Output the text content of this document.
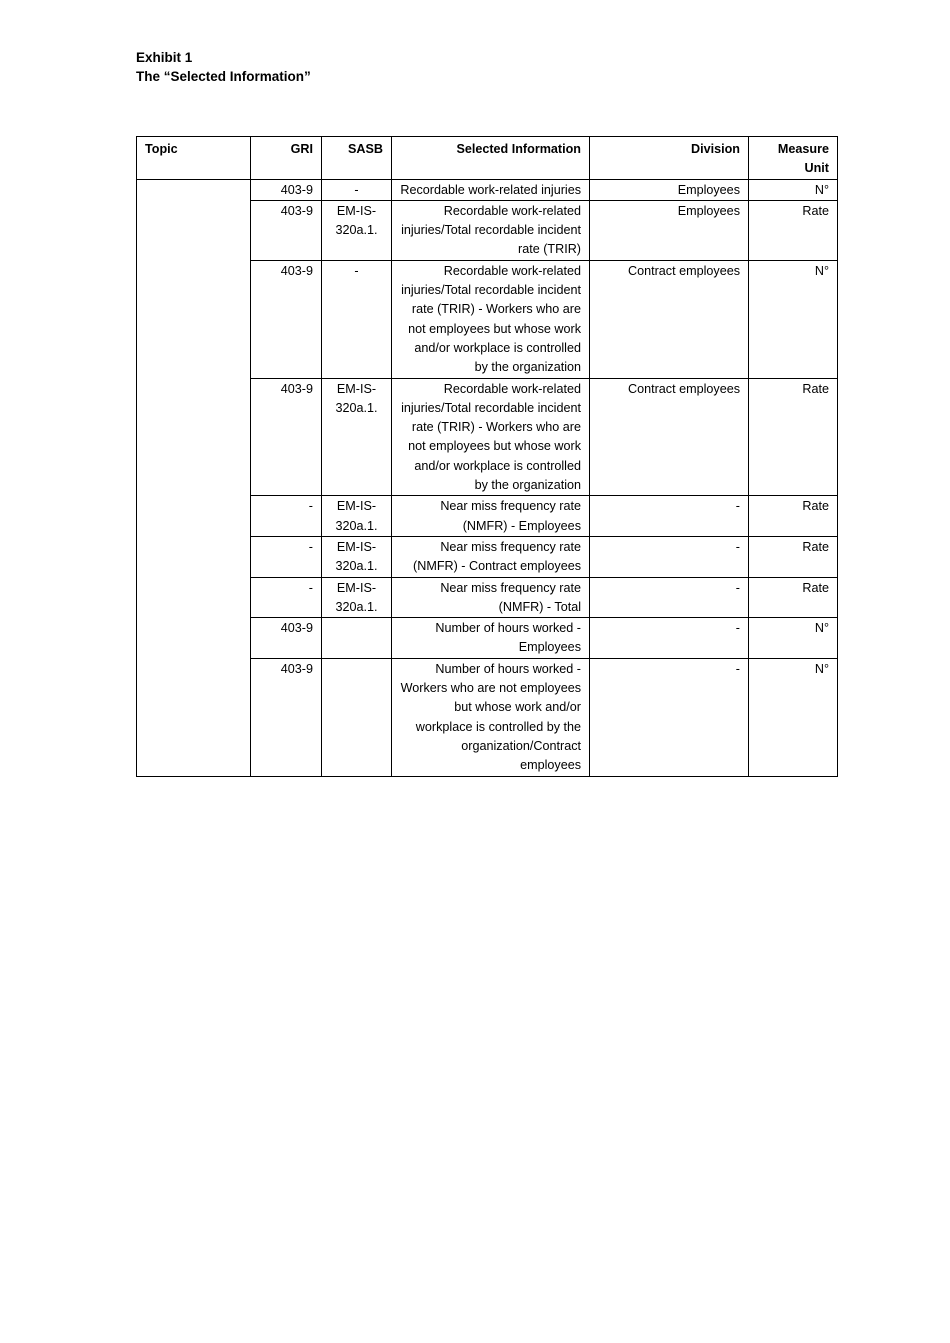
Exhibit 1
The “Selected Information”
Topic	GRI	SASB	Selected Information	Division	Measure Unit
	403-9	-	Recordable work-related injuries	Employees	N°
	403-9	EM-IS-320a.1.	Recordable work-related injuries/Total recordable incident rate (TRIR)	Employees	Rate
	403-9	-	Recordable work-related injuries/Total recordable incident rate (TRIR) - Workers who are not employees but whose work and/or workplace is controlled by the organization	Contract employees	N°
	403-9	EM-IS-320a.1.	Recordable work-related injuries/Total recordable incident rate (TRIR) - Workers who are not employees but whose work and/or workplace is controlled by the organization	Contract employees	Rate
	-	EM-IS-320a.1.	Near miss frequency rate (NMFR) - Employees	-	Rate
	-	EM-IS-320a.1.	Near miss frequency rate (NMFR) - Contract employees	-	Rate
	-	EM-IS-320a.1.	Near miss frequency rate (NMFR) - Total	-	Rate
	403-9		Number of hours worked - Employees	-	N°
	403-9		Number of hours worked - Workers who are not employees but whose work and/or workplace is controlled by the organization/Contract employees	-	N°
